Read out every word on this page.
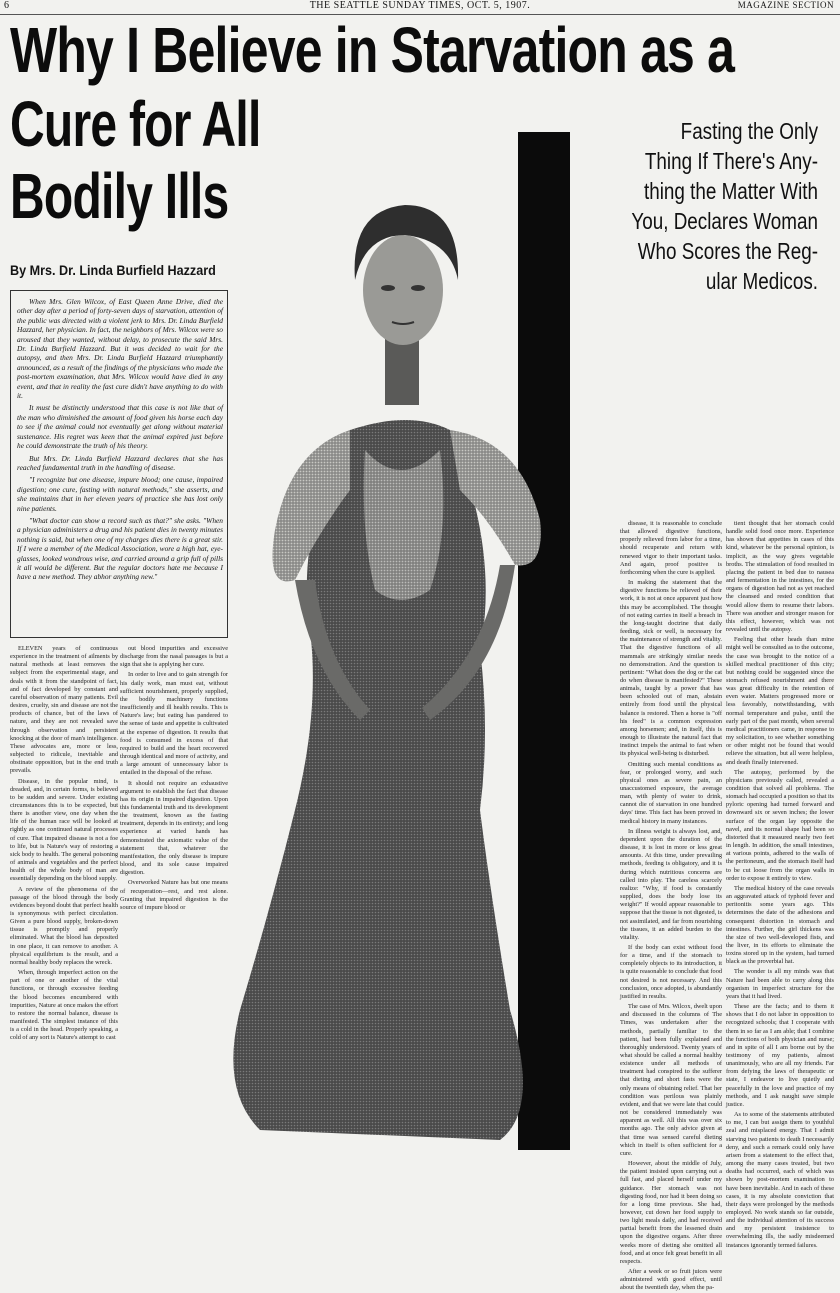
6	THE SEATTLE SUNDAY TIMES, OCT. 5, 1907.	MAGAZINE SECTION
Why I Believe in Starvation as a
Cure for All
Bodily Ills
By Mrs. Dr. Linda Burfield Hazzard
Fasting the Only
Thing If There's Any-
thing the Matter With
You, Declares Woman
Who Scores the Reg-
ular Medicos.

When Mrs. Glen Wilcox, of East Queen Anne Drive, died the other day after a period of forty-seven days of starvation, attention of the public was directed with a violent jerk to Mrs. Dr. Linda Burfield Hazzard, her physician. In fact, the neighbors of Mrs. Wilcox were so aroused that they wanted, without delay, to prosecute the said Mrs. Dr. Linda Burfield Hazzard. But it was decided to wait for the autopsy, and then Mrs. Dr. Linda Burfield Hazzard triumphantly announced, as a result of the findings of the physicians who made the post-mortem examination, that Mrs. Wilcox would have died in any event, and that in reality the fast cure didn't have anything to do with it.

It must be distinctly understood that this case is not like that of the man who diminished the amount of food given his horse each day to see if the animal could not eventually get along without material sustenance. His regret was keen that the animal expired just before he could demonstrate the truth of his theory.

But Mrs. Dr. Linda Burfield Hazzard declares that she has reached fundamental truth in the handling of disease.

"I recognize but one disease, impure blood; one cause, impaired digestion; one cure, fasting with natural methods," she asserts, and she maintains that in her eleven years of practice she has lost only nine patients.

"What doctor can show a record such as that?" she asks. "When a physician administers a drug and his patient dies in twenty minutes nothing is said, but when one of my charges dies there is a great stir. If I were a member of the Medical Association, wore a high hat, eye-glasses, looked wondrous wise, and carried around a grip full of pills it all would be different. But the regular doctors hate me because I have a new method. They abhor anything new."

ELEVEN years of continuous experience in the treatment of ailments by natural methods at least removes the subject from the experimental stage, and deals with it from the standpoint of fact, and of fact developed by constant and careful observation of many patients. Evil desires, cruelty, sin and disease are not the products of chance, but of the laws of nature, and they are not revealed save through observation and persistent knocking at the door of man's intelligence. These advocates are, more or less, subjected to ridicule, inevitable and obstinate opposition, but in the end truth prevails.

Disease, in the popular mind, is dreaded, and, in certain forms, is believed to be sudden and severe. Under existing circumstances this is to be expected, but there is another view, one day when the life of the human race will be looked at rightly as one continued natural processes of cure. That impaired disease is not a foe to life, but is Nature's way of restoring a sick body to health. The general poisoning of animals and vegetables and the perfect health of the whole body of man are essentially depending on the blood supply.

A review of the phenomena of the passage of the blood through the body evidences beyond doubt that perfect health is synonymous with perfect circulation. Given a pure blood supply, broken-down tissue is promptly and properly eliminated. What the blood has deposited in one place, it can remove to another. A physical equilibrium is the result, and a normal healthy body replaces the wreck.

When, through imperfect action on the part of one or another of the vital functions, or through excessive feeding the blood becomes encumbered with impurities, Nature at once makes the effort to restore the normal balance, disease is manifested. The simplest instance of this is a cold in the head. Properly speaking, a cold of any sort is Nature's attempt to cast

out blood impurities and excessive discharge from the nasal passages is but a sign that she is applying her cure.

In order to live and to gain strength for his daily work, man must eat, without sufficient nourishment, properly supplied, the bodily machinery functions insufficiently and ill health results. This is Nature's law; but eating has pandered to the sense of taste and appetite is cultivated at the expense of digestion. It results that food is consumed in excess of that required to build and the heart recovered through identical and more of activity, and a large amount of unnecessary labor is entailed in the disposal of the refuse.

It should not require an exhaustive argument to establish the fact that disease has its origin in impaired digestion. Upon this fundamental truth and its development the treatment, known as the fasting treatment, depends in its entirety; and long experience at varied hands has demonstrated the axiomatic value of the statement that, whatever the manifestation, the only disease is impure blood, and its sole cause impaired digestion.

Overworked Nature has but one means of recuperation—rest, and rest alone. Granting that impaired digestion is the source of impure blood or

disease, it is reasonable to conclude that allowed digestive functions, properly relieved from labor for a time, should recuperate and return with renewed vigor to their important tasks. And again, proof positive is forthcoming when the cure is applied.

In making the statement that the digestive functions be relieved of their work, it is not at once apparent just how this may be accomplished. The thought of not eating carries in itself a breach in the long-taught doctrine that daily feeding, sick or well, is necessary for the maintenance of strength and vitality. That the digestive functions of all mammals are strikingly similar needs no demonstration. And the question is pertinent: "What does the dog or the cat do when disease is manifested?" These animals, taught by a power that has been schooled out of man, abstain entirely from food until the physical balance is restored. Then a horse is "off his feed" is a common expression among horsemen; and, in itself, this is enough to illustrate the natural fact that instinct impels the animal to fast when its physical well-being is disturbed.

Omitting such mental conditions as fear, or prolonged worry, and such physical ones as severe pain, an unaccustomed exposure, the average man, with plenty of water to drink, cannot die of starvation in one hundred days' time. This fact has been proved in medical history in many instances.

In illness weight is always lost, and, dependent upon the duration of the disease, it is lost in more or less great amounts. At this time, under prevailing methods, feeding is obligatory, and it is during which nutritious concerns are called into play. The careless scarcely realize: "Why, if food is constantly supplied, does the body lose its weight?" If would appear reasonable to suppose that the tissue is not digested, is not assimilated, and far from nourishing the tissues, it an added burden to the vitality.

If the body can exist without food for a time, and if the stomach to completely objects to its introduction, it is quite reasonable to conclude that food not desired is not necessary. And this conclusion, once adopted, is abundantly justified in results.

The case of Mrs. Wilcox, dwelt upon and discussed in the columns of The Times, was undertaken after the methods, partially familiar to the patient, had been fully explained and thoroughly understood. Twenty years of what should be called a normal healthy existence under all methods of treatment had conspired to the sufferer that dieting and short fasts were the only means of obtaining relief. That her condition was perilous was plainly evident, and that we were late that could not be considered immediately was apparent as well. All this was over six months ago. The only advice given at that time was sensed careful dieting which in itself is often sufficient for a cure.

However, about the middle of July, the patient insisted upon carrying out a full fast, and placed herself under my guidance. Her stomach was not digesting food, nor had it been doing so for a long time previous. She had, however, cut down her food supply to two light meals daily, and had received partial benefit from the lessened drain upon the digestive organs. After three weeks more of dieting she omitted all food, and at once felt great benefit in all respects.

After a week or so fruit juices were administered with good effect, until about the twentieth day, when the pa-

tient thought that her stomach could handle solid food once more. Experience has shown that appetites in cases of this kind, whatever be the personal opinion, is implicit, as the way gives vegetable broths. The stimulation of food resulted in placing the patient in bed due to nausea and fermentation in the intestines, for the organs of digestion had not as yet reached the cleansed and rested condition that would allow them to resume their labors. There was another and stronger reason for this effect, however, which was not revealed until the autopsy.

Feeling that other heads than mine might well be consulted as to the outcome, the case was brought to the notice of a skilled medical practitioner of this city; but nothing could be suggested since the stomach refused nourishment and there was great difficulty in the retention of even water. Matters progressed more or less favorably, notwithstanding, with normal temperature and pulse, until the early part of the past month, when several medical practitioners came, in response to my solicitation, to see whether something or other might not be found that would relieve the situation, but all were helpless, and death finally intervened.

The autopsy, performed by the physicians previously called, revealed a condition that solved all problems. The stomach had occupied a position so that its pyloric opening had turned forward and downward six or seven inches; the lower surface of the organ lay opposite the navel, and its normal shape had been so distorted that it measured nearly two feet in length. In addition, the small intestines, at various points, adhered to the walls of the peritoneum, and the stomach itself had to be cut loose from the organ walls in order to expose it entirely to view.

The medical history of the case reveals an aggravated attack of typhoid fever and peritonitis some years ago. This determines the date of the adhesions and consequent distortion in stomach and intestines. Further, the girl thickens was the size of two well-developed fists, and the liver, in its efforts to eliminate the toxins stored up in the system, had turned black as the proverbial hat.

The wonder is all my minds was that Nature had been able to carry along this organism in imperfect structure for the years that it had lived.

These are the facts; and to them it shows that I do not labor in opposition to recognized schools; that I cooperate with them in so far as I am able; that I combine the functions of both physician and nurse; and in spite of all I am borne out by the testimony of my patients, almost unanimously, who are all my friends. Far from defying the laws of therapeutic or state, I endeavor to live quietly and peacefully in the love and practice of my methods, and I ask naught save simple justice.

As to some of the statements attributed to me, I can but assign them to youthful zeal and misplaced energy. That I admit starving two patients to death I necessarily deny, and such a remark could only have arisen from a statement to the effect that, among the many cases treated, but two deaths had occurred, each of which was shown by post-mortem examination to have been inevitable. And in each of these cases, it is my absolute conviction that their days were prolonged by the methods employed. No work stands so far outside, and the individual attention of its success and my persistent insistence to overwhelming ills, the sadly misdeemed instances ignorantly termed failures.
